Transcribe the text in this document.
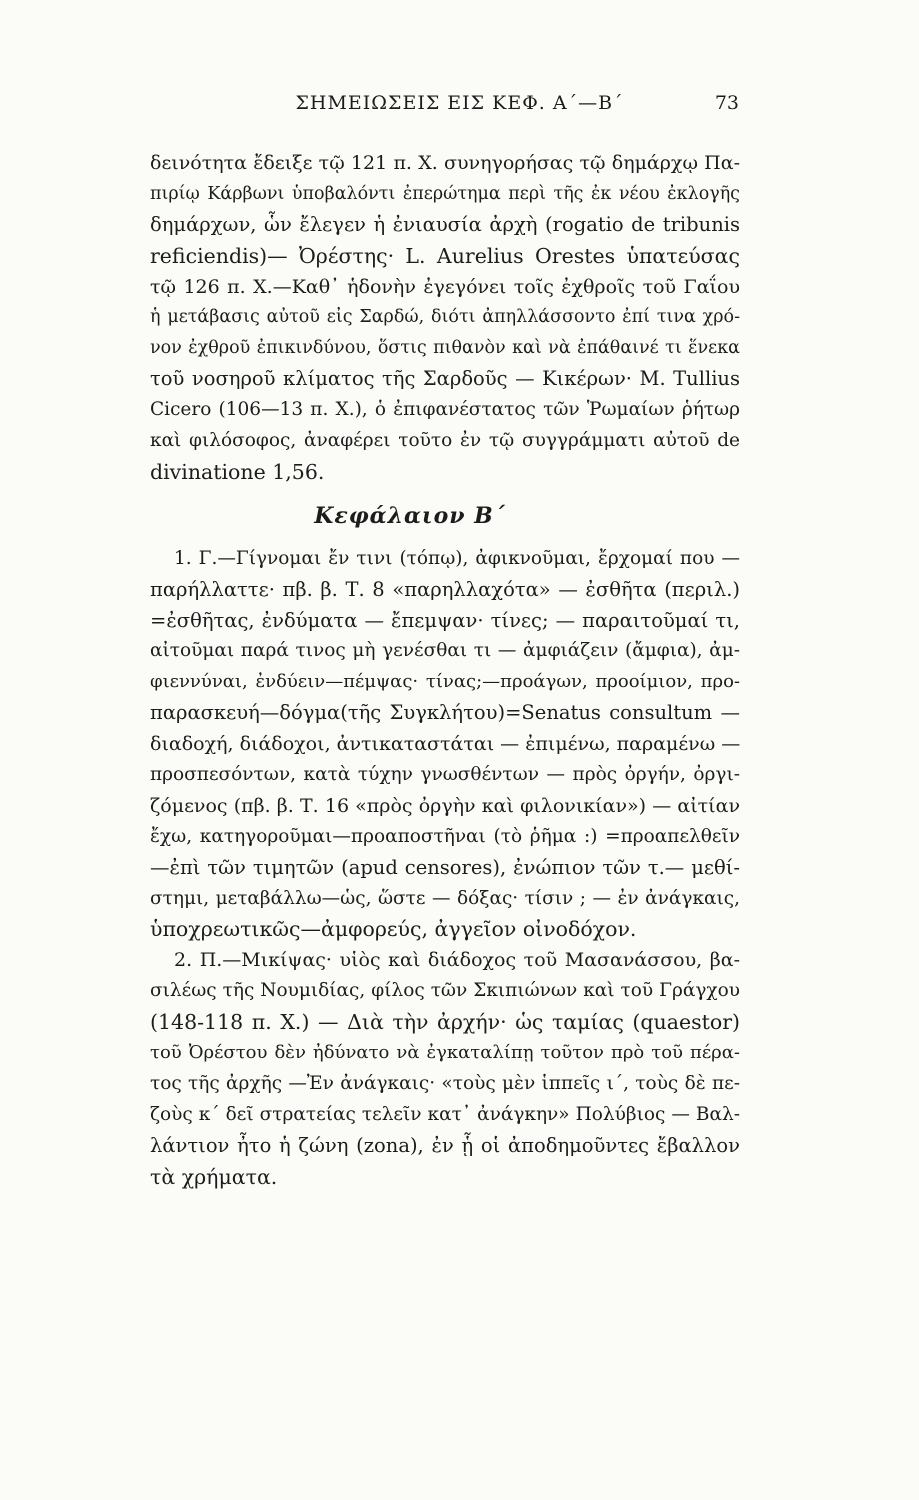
ΣΗΜΕΙΩΣΕΙΣ ΕΙΣ ΚΕΦ. Α΄—Β΄	73
δεινότητα ἔδειξε τῷ 121 π. Χ. συνηγορήσας τῷ δημάρχῳ Πα-
πιρίῳ Κάρβωνι ὑποβαλόντι ἐπερώτημα περὶ τῆς ἐκ νέου ἐκλογῆς
δημάρχων, ὧν ἔλεγεν ἡ ἐνιαυσία ἀρχὴ (rogatio de tribunis
reficiendis)— Ὀρέστης· L. Aurelius Orestes ὑπατεύσας
τῷ 126 π. Χ.—Καθ᾽ ἡδονὴν ἐγεγόνει τοῖς ἐχθροῖς τοῦ Γαΐου
ἡ μετάβασις αὐτοῦ εἰς Σαρδώ, διότι ἀπηλλάσσοντο ἐπί τινα χρό-
νον ἐχθροῦ ἐπικινδύνου, ὅστις πιθανὸν καὶ νὰ ἐπάθαινέ τι ἕνεκα
τοῦ νοσηροῦ κλίματος τῆς Σαρδοῦς — Κικέρων· M. Tullius
Cicero (106—13 π. Χ.), ὁ ἐπιφανέστατος τῶν Ῥωμαίων ῥήτωρ
καὶ φιλόσοφος, ἀναφέρει τοῦτο ἐν τῷ συγγράμματι αὐτοῦ de
divinatione 1,56.
Κεφάλαιον Β΄
1. Γ.—Γίγνομαι ἔν τινι (τόπῳ), ἀφικνοῦμαι, ἔρχομαί που —
παρήλλαττε· πβ. β. Τ. 8 «παρηλλαχότα» — ἐσθῆτα (περιλ.)
=ἐσθῆτας, ἐνδύματα — ἔπεμψαν· τίνες; — παραιτοῦμαί τι,
αἰτοῦμαι παρά τινος μὴ γενέσθαι τι — ἀμφιάζειν (ἄμφια), ἀμ-
φιεννύναι, ἐνδύειν—πέμψας· τίνας;—προάγων, προοίμιον, προ-
παρασκευή—δόγμα(τῆς Συγκλήτου)=Senatus consultum —
διαδοχή, διάδοχοι, ἀντικαταστάται — ἐπιμένω, παραμένω —
προσπεσόντων, κατὰ τύχην γνωσθέντων — πρὸς ὀργήν, ὀργι-
ζόμενος (πβ. β. Τ. 16 «πρὸς ὀργὴν καὶ φιλονικίαν») — αἰτίαν
ἔχω, κατηγοροῦμαι—προαποστῆναι (τὸ ῥῆμα :) =προαπελθεῖν
—ἐπὶ τῶν τιμητῶν (apud censores), ἐνώπιον τῶν τ.— μεθί-
στημι, μεταβάλλω—ὡς, ὥστε — δόξας· τίσιν ; — ἐν ἀνάγκαις,
ὑποχρεωτικῶς—ἀμφορεύς, ἀγγεῖον οἰνοδόχον.
2. Π.—Μικίψας· υἱὸς καὶ διάδοχος τοῦ Μασανάσσου, βα-
σιλέως τῆς Νουμιδίας, φίλος τῶν Σκιπιώνων καὶ τοῦ Γράγχου
(148-118 π. Χ.) — Διὰ τὴν ἀρχήν· ὡς ταμίας (quaestor)
τοῦ Ὀρέστου δὲν ἠδύνατο νὰ ἐγκαταλίπῃ τοῦτον πρὸ τοῦ πέρα-
τος τῆς ἀρχῆς —Ἐν ἀνάγκαις· «τοὺς μὲν ἱππεῖς ι΄, τοὺς δὲ πε-
ζοὺς κ΄ δεῖ στρατείας τελεῖν κατ᾽ ἀνάγκην» Πολύβιος — Βαλ-
λάντιον ἦτο ἡ ζώνη (zona), ἐν ᾗ οἱ ἀποδημοῦντες ἔβαλλον
τὰ χρήματα.
